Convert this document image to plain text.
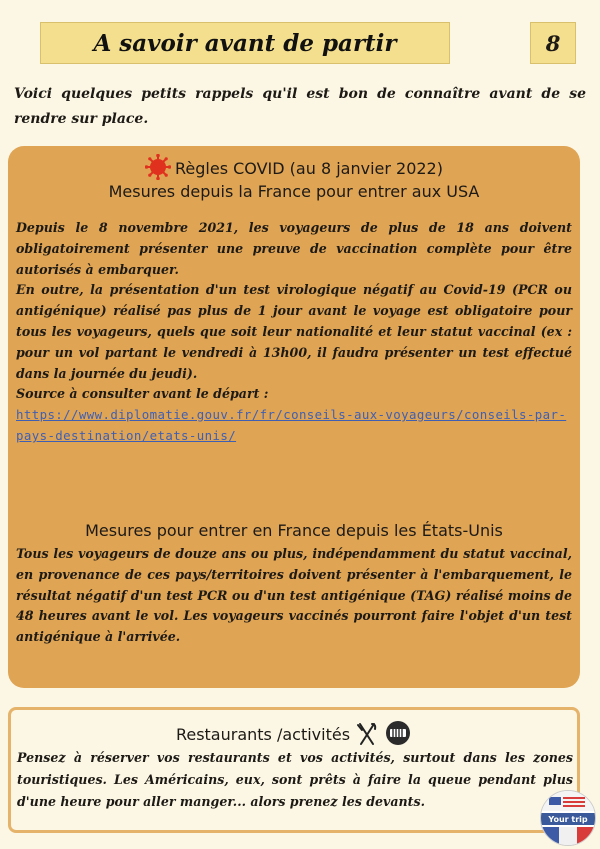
A savoir avant de partir	8
Voici quelques petits rappels qu'il est bon de connaître avant de se rendre sur place.
Règles COVID (au 8 janvier 2022)
Mesures depuis la France pour entrer aux USA
Depuis le 8 novembre 2021, les voyageurs de plus de 18 ans doivent obligatoirement présenter une preuve de vaccination complète pour être autorisés à embarquer.
En outre, la présentation d'un test virologique négatif au Covid-19 (PCR ou antigénique) réalisé pas plus de 1 jour avant le voyage est obligatoire pour tous les voyageurs, quels que soit leur nationalité et leur statut vaccinal (ex : pour un vol partant le vendredi à 13h00, il faudra présenter un test effectué dans la journée du jeudi).
Source à consulter avant le départ :
https://www.diplomatie.gouv.fr/fr/conseils-aux-voyageurs/conseils-par-pays-destination/etats-unis/
Mesures pour entrer en France depuis les États-Unis
Tous les voyageurs de douze ans ou plus, indépendamment du statut vaccinal, en provenance de ces pays/territoires doivent présenter à l'embarquement, le résultat négatif d'un test PCR ou d'un test antigénique (TAG) réalisé moins de 48 heures avant le vol. Les voyageurs vaccinés pourront faire l'objet d'un test antigénique à l'arrivée.
Restaurants /activités
Pensez à réserver vos restaurants et vos activités, surtout dans les zones touristiques. Les Américains, eux, sont prêts à faire la queue pendant plus d'une heure pour aller manger... alors prenez les devants.
Your trip
